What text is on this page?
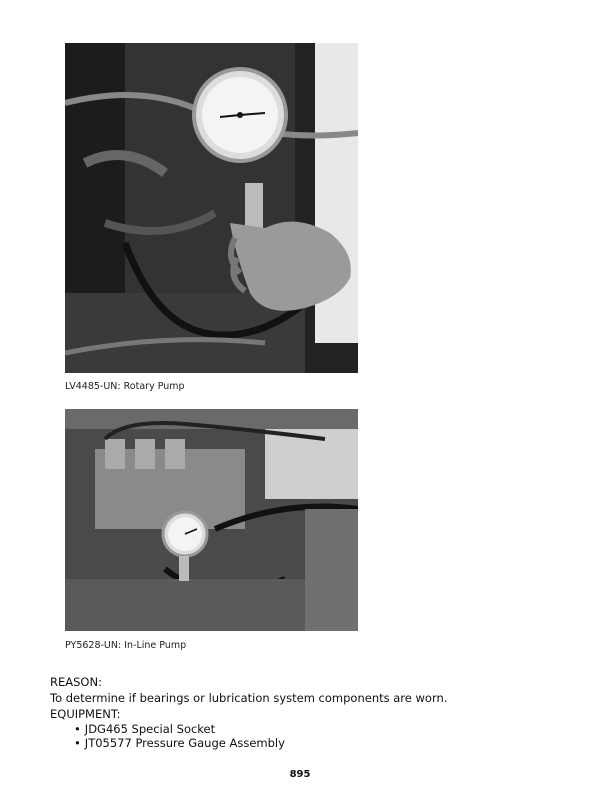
LV4485-UN: Rotary Pump
PY5628-UN: In-Line Pump
REASON:
To determine if bearings or lubrication system components are worn.
EQUIPMENT:
• JDG465 Special Socket
• JT05577 Pressure Gauge Assembly
895
